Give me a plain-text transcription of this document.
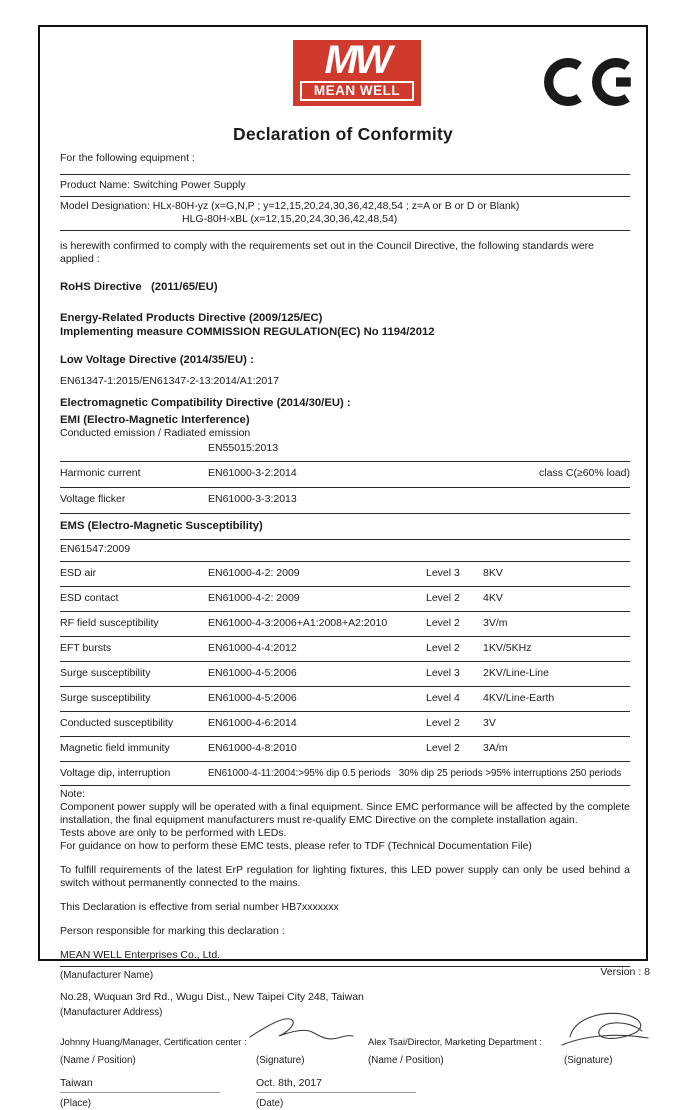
MW
MEAN WELL
Declaration of Conformity
For the following equipment :
Product Name: Switching Power Supply
Model Designation: HLx-80H-yz (x=G,N,P ; y=12,15,20,24,30,36,42,48,54 ; z=A or B or D or Blank)
HLG-80H-xBL (x=12,15,20,24,30,36,42,48,54)

is herewith confirmed to comply with the requirements set out in the Council Directive, the following standards were applied :

RoHS Directive   (2011/65/EU)
Energy-Related Products Directive (2009/125/EC)
Implementing measure COMMISSION REGULATION(EC) No 1194/2012
Low Voltage Directive (2014/35/EU) :
EN61347-1:2015/EN61347-2-13:2014/A1:2017
Electromagnetic Compatibility Directive (2014/30/EU) :
EMI (Electro-Magnetic Interference)
Conducted emission / Radiated emission
EN55015:2013
Harmonic current	EN61000-3-2:2014	class C(≥60% load)
Voltage flicker	EN61000-3-3:2013
EMS (Electro-Magnetic Susceptibility)
EN61547:2009
ESD air	EN61000-4-2: 2009	Level 3	8KV
ESD contact	EN61000-4-2: 2009	Level 2	4KV
RF field susceptibility	EN61000-4-3:2006+A1:2008+A2:2010	Level 2	3V/m
EFT bursts	EN61000-4-4:2012	Level 2	1KV/5KHz
Surge susceptibility	EN61000-4-5:2006	Level 3	2KV/Line-Line
Surge susceptibility	EN61000-4-5:2006	Level 4	4KV/Line-Earth
Conducted susceptibility	EN61000-4-6:2014	Level 2	3V
Magnetic field immunity	EN61000-4-8:2010	Level 2	3A/m
Voltage dip, interruption	EN61000-4-11:2004:>95% dip 0.5 periods   30% dip 25 periods >95% interruptions 250 periods
Note:

Component power supply will be operated with a final equipment. Since EMC performance will be affected by the complete installation, the final equipment manufacturers must re-qualify EMC Directive on the complete installation again.

Tests above are only to be performed with LEDs.

For guidance on how to perform these EMC tests, please refer to TDF (Technical Documentation File)

To fulfill requirements of the latest ErP regulation for lighting fixtures, this LED power supply can only be used behind a switch without permanently connected to the mains.

This Declaration is effective from serial number HB7xxxxxxx

Person responsible for marking this declaration :

MEAN WELL Enterprises Co., Ltd.
(Manufacturer Name)
No.28, Wuquan 3rd Rd., Wugu Dist., New Taipei City 248, Taiwan
(Manufacturer Address)
Johnny Huang/Manager, Certification center :	Alex Tsai/Director, Marketing Department :
(Name / Position)	(Signature)	(Name / Position)	(Signature)
Taiwan	Oct. 8th, 2017
(Place)	(Date)
Version : 8
